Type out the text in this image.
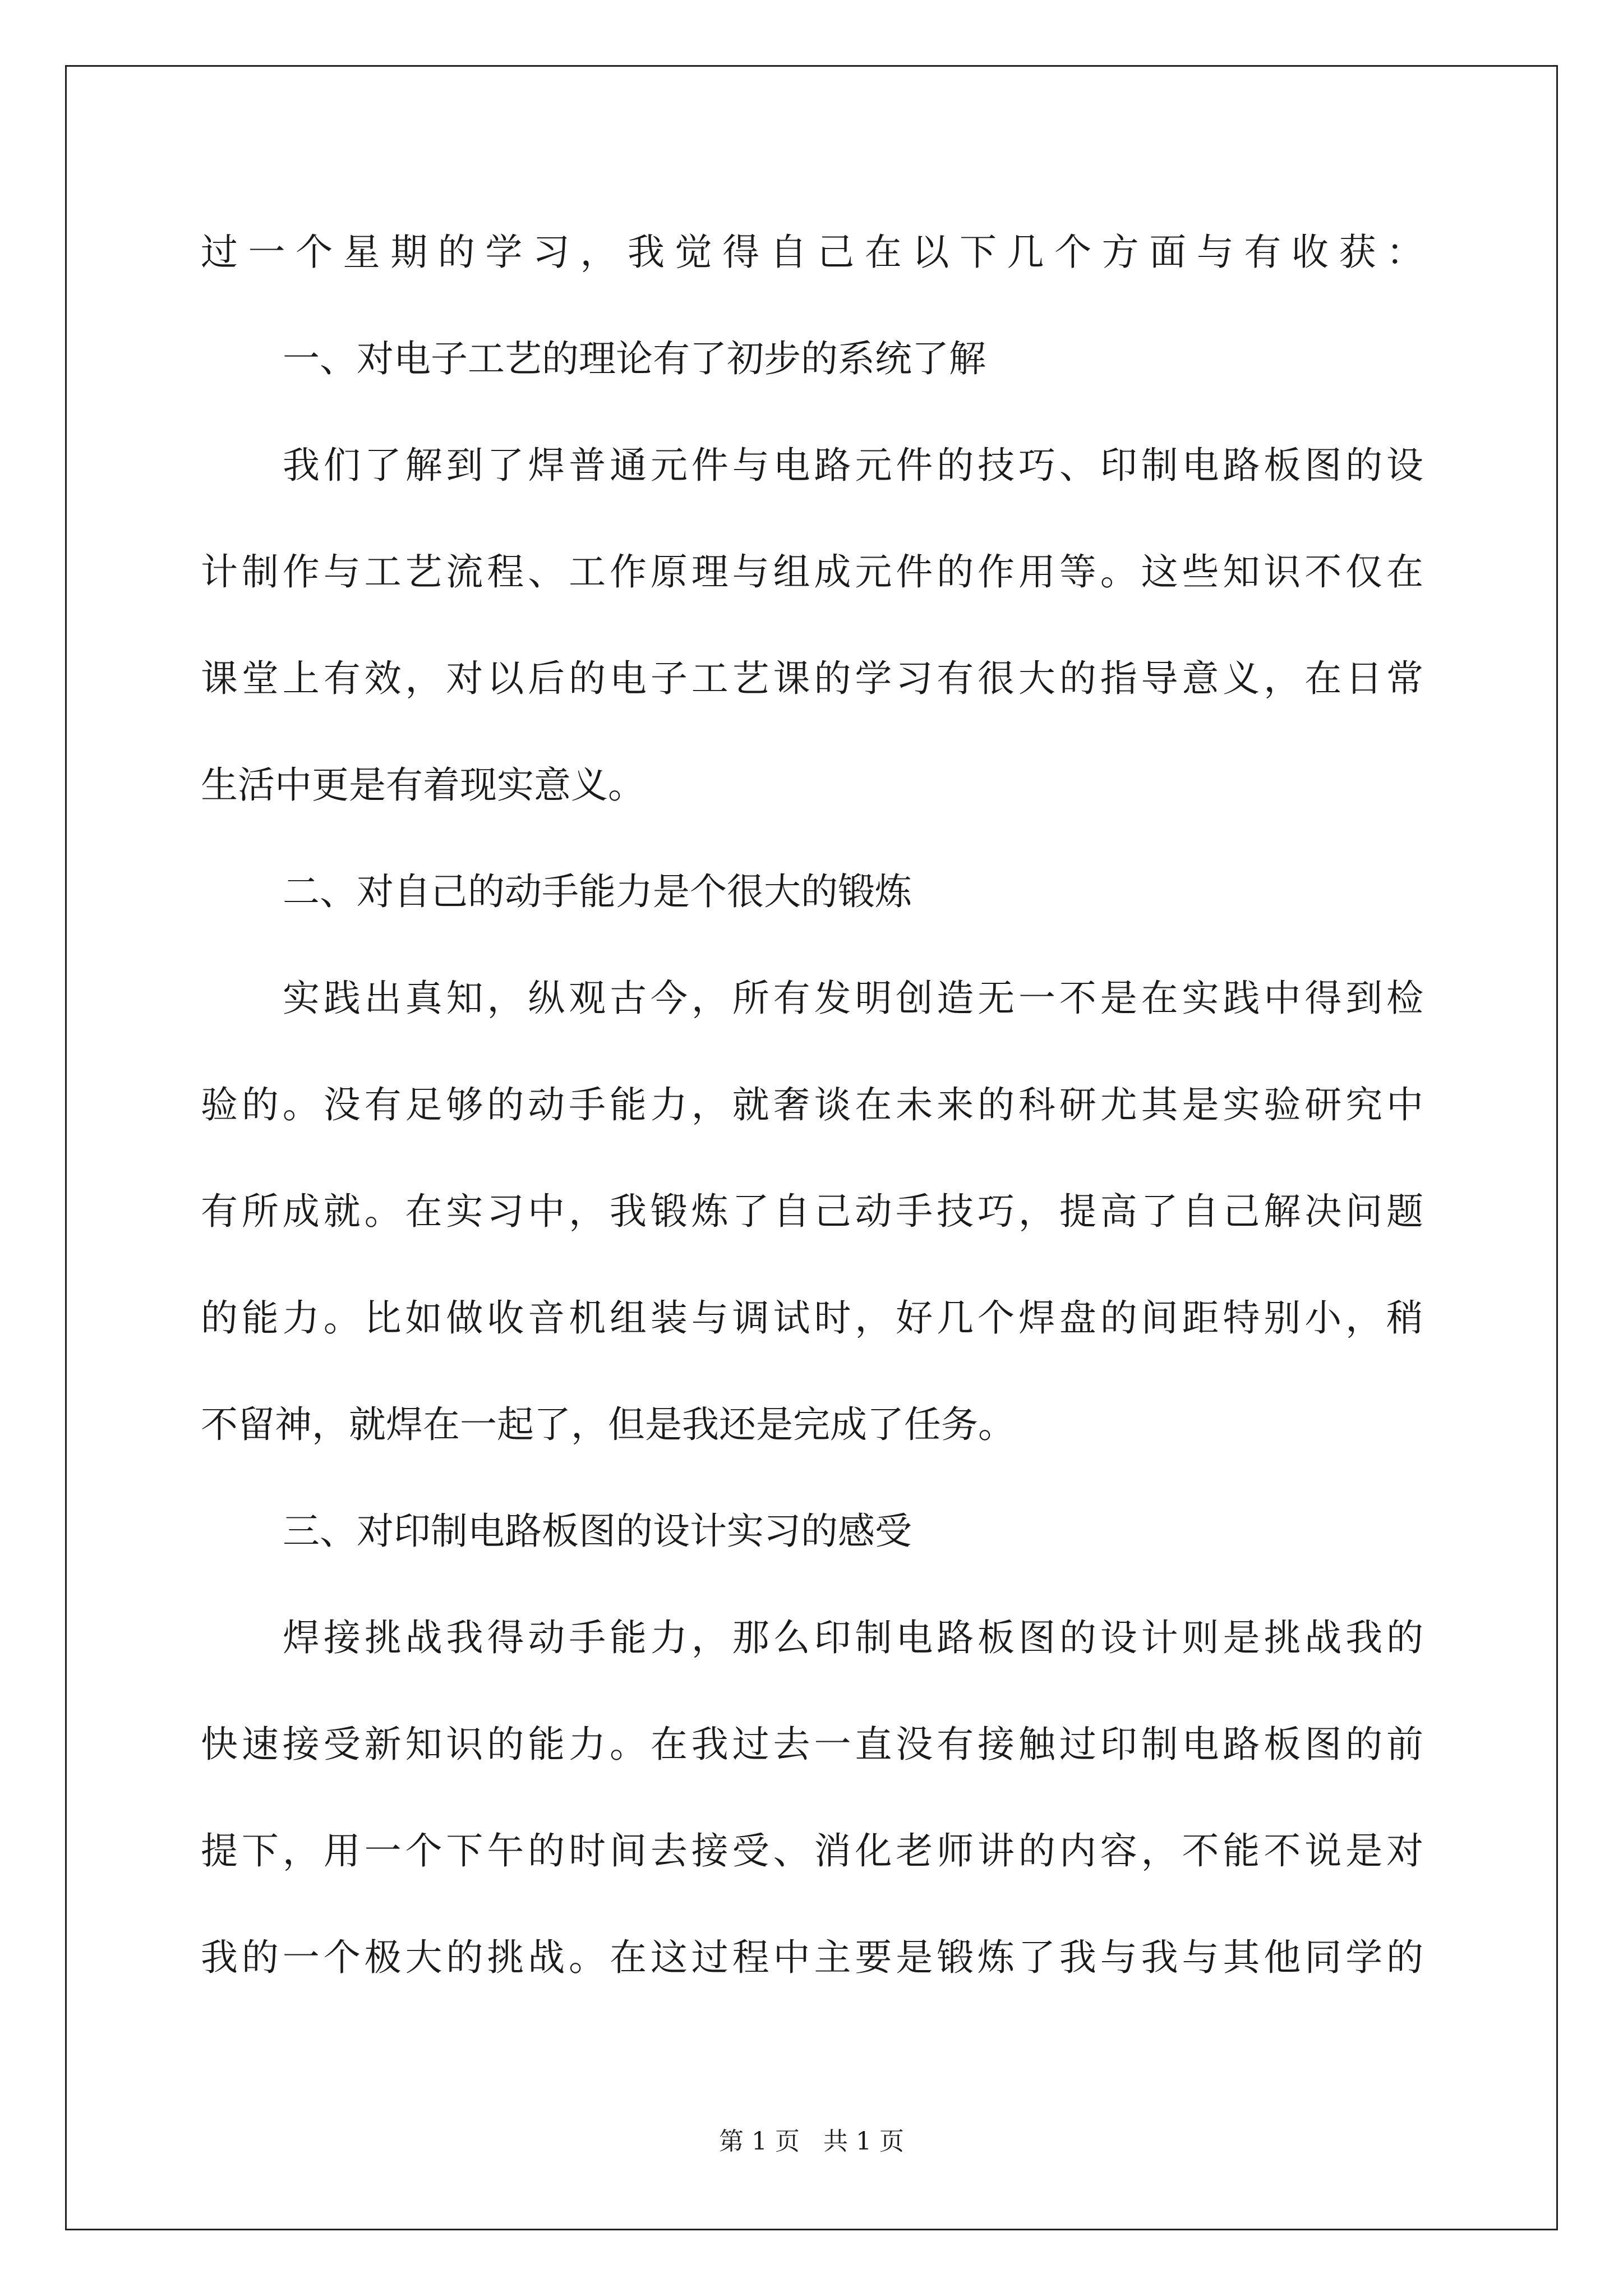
过一个星期的学习，我觉得自己在以下几个方面与有收获：
一、对电子工艺的理论有了初步的系统了解
我们了解到了焊普通元件与电路元件的技巧、印制电路板图的设
计制作与工艺流程、工作原理与组成元件的作用等。这些知识不仅在
课堂上有效，对以后的电子工艺课的学习有很大的指导意义，在日常
生活中更是有着现实意义。
二、对自己的动手能力是个很大的锻炼
实践出真知，纵观古今，所有发明创造无一不是在实践中得到检
验的。没有足够的动手能力，就奢谈在未来的科研尤其是实验研究中
有所成就。在实习中，我锻炼了自己动手技巧，提高了自己解决问题
的能力。比如做收音机组装与调试时，好几个焊盘的间距特别小，稍
不留神，就焊在一起了，但是我还是完成了任务。
三、对印制电路板图的设计实习的感受
焊接挑战我得动手能力，那么印制电路板图的设计则是挑战我的
快速接受新知识的能力。在我过去一直没有接触过印制电路板图的前
提下，用一个下午的时间去接受、消化老师讲的内容，不能不说是对
我的一个极大的挑战。在这过程中主要是锻炼了我与我与其他同学的
第 1 页   共 1 页
